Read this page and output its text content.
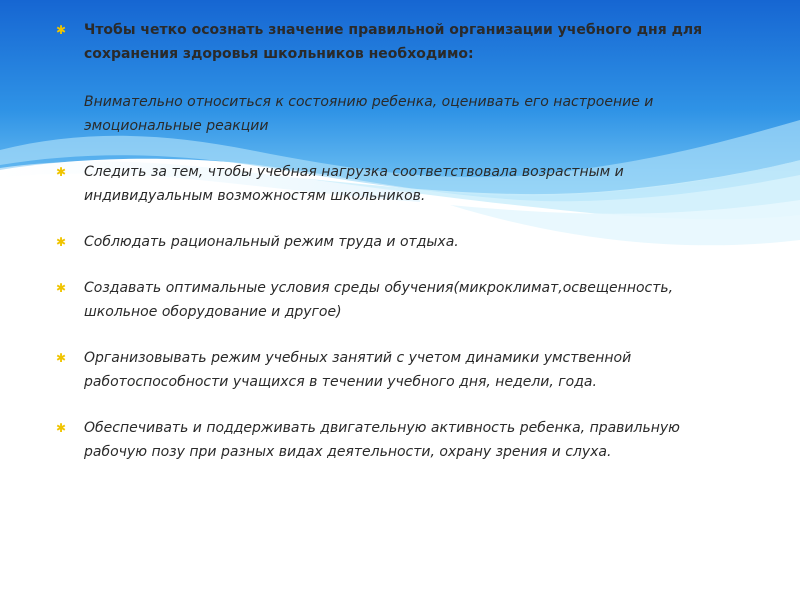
✱ Чтобы четко осознать значение правильной организации учебного дня для сохранения здоровья школьников необходимо:
Внимательно относиться к состоянию ребенка, оценивать его настроение и эмоциональные реакции
✱ Следить за тем, чтобы учебная нагрузка соответствовала возрастным и индивидуальным возможностям школьников.
✱ Соблюдать рациональный режим труда и отдыха.
✱ Создавать оптимальные условия среды обучения(микроклимат,освещенность, школьное оборудование и другое)
✱ Организовывать режим учебных занятий с учетом динамики умственной работоспособности учащихся в течении учебного дня, недели, года.
✱ Обеспечивать и поддерживать двигательную активность ребенка, правильную рабочую позу при разных видах деятельности, охрану зрения и слуха.
